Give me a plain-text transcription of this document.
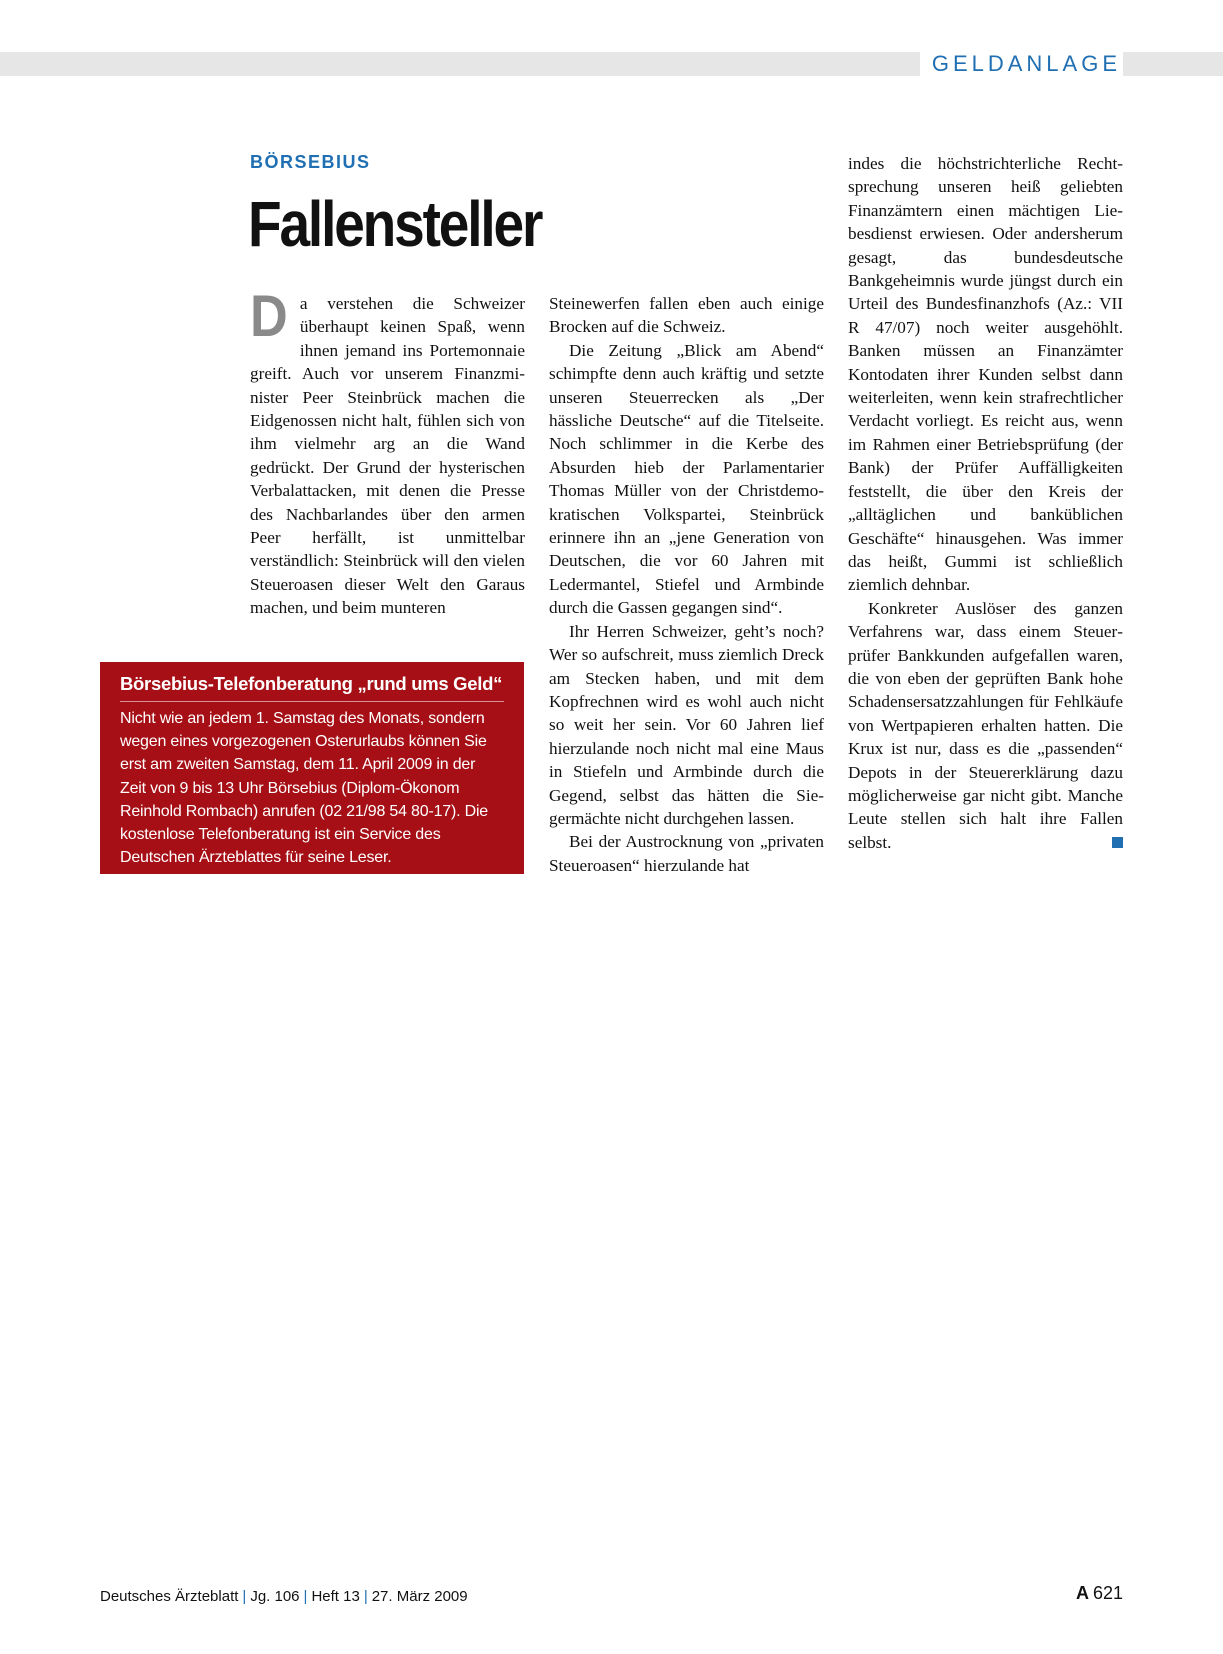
GELDANLAGE
BÖRSEBIUS
Fallensteller

D a verstehen die Schweizer überhaupt keinen Spaß, wenn ihnen jemand ins Portemonnaie greift. Auch vor unserem Finanzminister Peer Steinbrück machen die Eidgenossen nicht halt, fühlen sich von ihm vielmehr arg an die Wand gedrückt. Der Grund der hysterischen Verbalattacken, mit denen die Presse des Nachbarlandes über den armen Peer herfällt, ist unmittelbar verständlich: Steinbrück will den vielen Steueroasen dieser Welt den Garaus machen, und beim munteren

Steinewerfen fallen eben auch einige Brocken auf die Schweiz.

Die Zeitung „Blick am Abend“ schimpfte denn auch kräftig und setzte unseren Steuerrecken als „Der hässliche Deutsche“ auf die Titelseite. Noch schlimmer in die Kerbe des Absurden hieb der Parlamentarier Thomas Müller von der Christdemokratischen Volkspartei, Steinbrück erinnere ihn an „jene Generation von Deutschen, die vor 60 Jahren mit Ledermantel, Stiefel und Armbinde durch die Gassen gegangen sind“.

Ihr Herren Schweizer, geht’s noch? Wer so aufschreit, muss ziemlich Dreck am Stecken haben, und mit dem Kopfrechnen wird es wohl auch nicht so weit her sein. Vor 60 Jahren lief hierzulande noch nicht mal eine Maus in Stiefeln und Armbinde durch die Gegend, selbst das hätten die Siegermächte nicht durchgehen lassen.

Bei der Austrocknung von „privaten Steueroasen“ hierzulande hat

indes die höchstrichterliche Rechtsprechung unseren heiß geliebten Finanzämtern einen mächtigen Liebesdienst erwiesen. Oder andersherum gesagt, das bundesdeutsche Bankgeheimnis wurde jüngst durch ein Urteil des Bundesfinanzhofs (Az.: VII R 47/07) noch weiter ausgehöhlt. Banken müssen an Finanzämter Kontodaten ihrer Kunden selbst dann weiterleiten, wenn kein strafrechtlicher Verdacht vorliegt. Es reicht aus, wenn im Rahmen einer Betriebsprüfung (der Bank) der Prüfer Auffälligkeiten feststellt, die über den Kreis der „alltäglichen und banküblichen Geschäfte“ hinausgehen. Was immer das heißt, Gummi ist schließlich ziemlich dehnbar.

Konkreter Auslöser des ganzen Verfahrens war, dass einem Steuerprüfer Bankkunden aufgefallen waren, die von eben der geprüften Bank hohe Schadensersatzzahlungen für Fehlkäufe von Wertpapieren erhalten hatten. Die Krux ist nur, dass es die „passenden“ Depots in der Steuererklärung dazu möglicherweise gar nicht gibt. Manche Leute stellen sich halt ihre Fallen selbst.

Börsebius-Telefonberatung „rund ums Geld“
Nicht wie an jedem 1. Samstag des Monats, sondern wegen eines vorgezogenen Osterurlaubs können Sie erst am zweiten Samstag, dem 11. April 2009 in der Zeit von 9 bis 13 Uhr Börsebius (Diplom-Ökonom Reinhold Rombach) anrufen (02 21/98 54 80-17). Die kostenlose Telefonberatung ist ein Service des Deutschen Ärzteblattes für seine Leser.
Deutsches Ärzteblatt | Jg. 106 | Heft 13 | 27. März 2009	A 621
